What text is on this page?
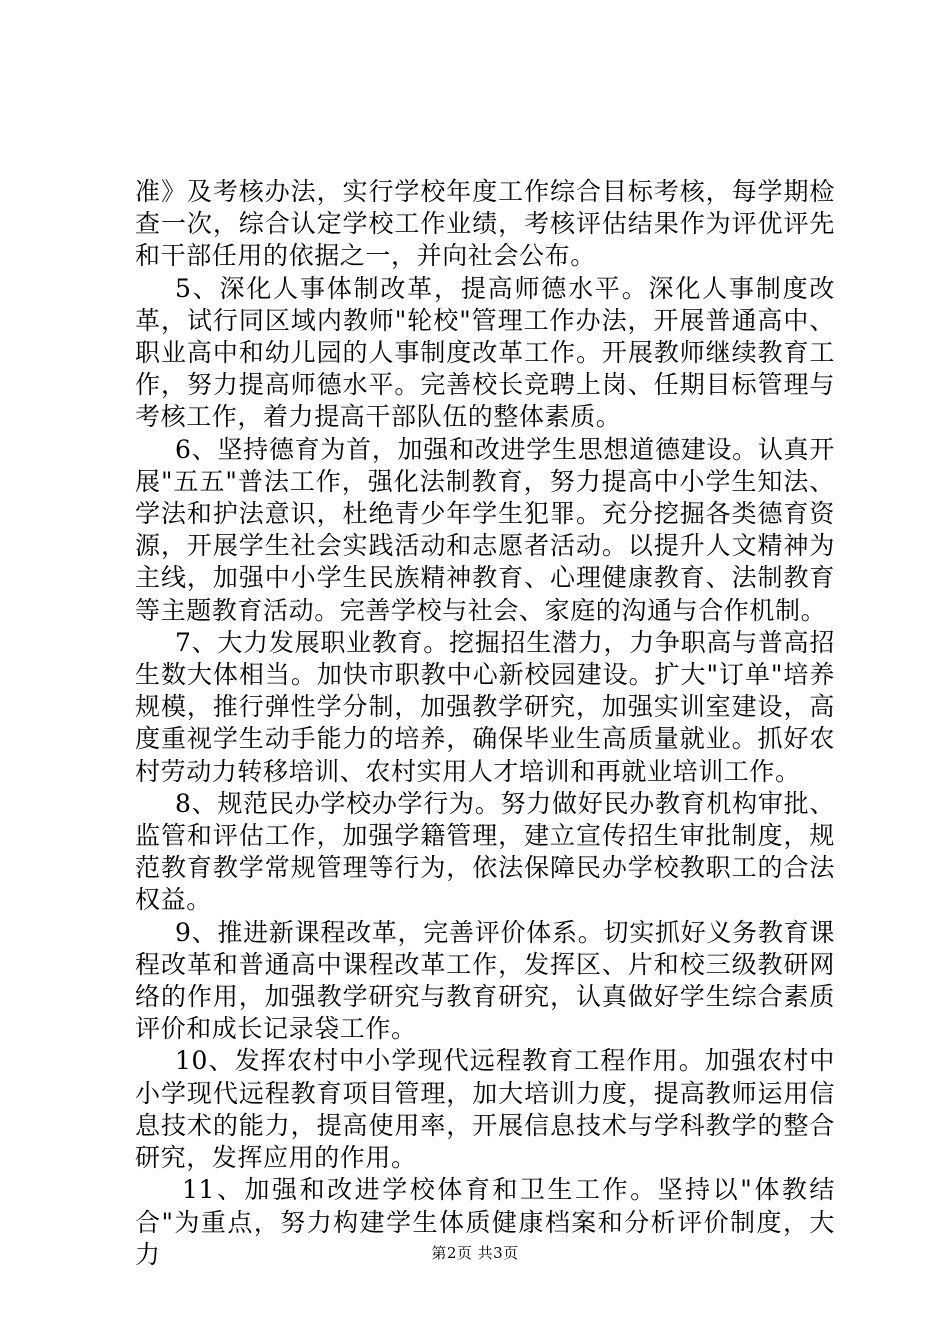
准》及考核办法，实行学校年度工作综合目标考核，每学期检查一次，综合认定学校工作业绩，考核评估结果作为评优评先和干部任用的依据之一，并向社会公布。

5、深化人事体制改革，提高师德水平。深化人事制度改革，试行同区域内教师"轮校"管理工作办法，开展普通高中、职业高中和幼儿园的人事制度改革工作。开展教师继续教育工作，努力提高师德水平。完善校长竞聘上岗、任期目标管理与考核工作，着力提高干部队伍的整体素质。

6、坚持德育为首，加强和改进学生思想道德建设。认真开展"五五"普法工作，强化法制教育，努力提高中小学生知法、学法和护法意识，杜绝青少年学生犯罪。充分挖掘各类德育资源，开展学生社会实践活动和志愿者活动。以提升人文精神为主线，加强中小学生民族精神教育、心理健康教育、法制教育等主题教育活动。完善学校与社会、家庭的沟通与合作机制。

7、大力发展职业教育。挖掘招生潜力，力争职高与普高招生数大体相当。加快市职教中心新校园建设。扩大"订单"培养规模，推行弹性学分制，加强教学研究，加强实训室建设，高度重视学生动手能力的培养，确保毕业生高质量就业。抓好农村劳动力转移培训、农村实用人才培训和再就业培训工作。

8、规范民办学校办学行为。努力做好民办教育机构审批、监管和评估工作，加强学籍管理，建立宣传招生审批制度，规范教育教学常规管理等行为，依法保障民办学校教职工的合法权益。

9、推进新课程改革，完善评价体系。切实抓好义务教育课程改革和普通高中课程改革工作，发挥区、片和校三级教研网络的作用，加强教学研究与教育研究，认真做好学生综合素质评价和成长记录袋工作。

10、发挥农村中小学现代远程教育工程作用。加强农村中小学现代远程教育项目管理，加大培训力度，提高教师运用信息技术的能力，提高使用率，开展信息技术与学科教学的整合研究，发挥应用的作用。

11、加强和改进学校体育和卫生工作。坚持以"体教结合"为重点，努力构建学生体质健康档案和分析评价制度，大力	第2页 共3页
